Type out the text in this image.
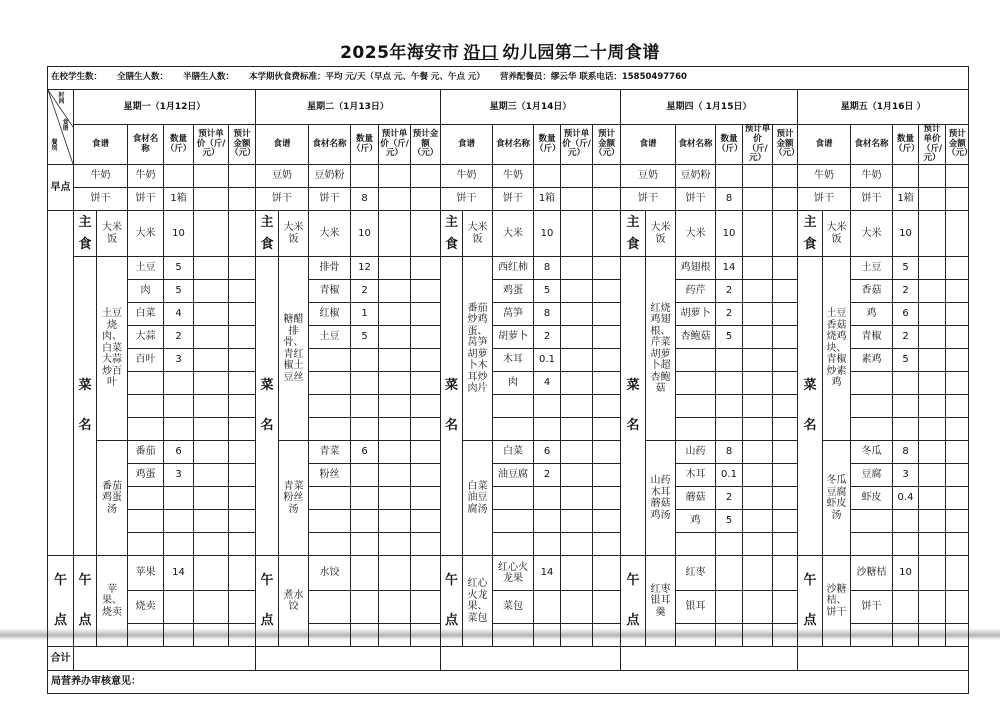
2025年海安市 沿口 幼儿园第二十周食谱
在校学生数： 全膳生人数： 半膳生人数： 本学期伙食费标准：平均 元/天（早点 元、午餐 元、午点 元） 营养配餐员：缪云华 联系电话：15850497760																														

时间
食谱
餐别	星期一（1月12日）						星期二（1月13日）						星期三（1月14日）						星期四（ 1月15日）						星期五（1月16日 ）					
	食谱		食材名称	数量（斤）	预计单价（斤/元）	预计金额（元）	食谱		食材名称	数量（斤）	预计单价（斤/元）	预计金额（元）	食谱		食材名称	数量（斤）	预计单价（斤/元）	预计金额（元）	食谱		食材名称	数量（斤）	预计单价（斤/元）	预计金额（元）	食谱		食材名称	数量（斤）	预计单价（斤/元）	预计金额（元）
早点	牛奶		牛奶				豆奶		豆奶粉				牛奶		牛奶				豆奶		豆奶粉				牛奶		牛奶			
	饼干		饼干	1箱			饼干		饼干	8			饼干		饼干	1箱			饼干		饼干	8			饼干		饼干	1箱		
	主食	大米饭	大米	10			主食	大米饭	大米	10			主食	大米饭	大米	10			主食	大米饭	大米	10			主食	大米饭	大米	10		
	菜名	土豆烧肉、白菜大蒜炒百叶	土豆	5			菜名	糖醋排骨、青红椒土豆丝	排骨	12			菜名	番茄炒鸡蛋、莴笋胡萝卜木耳炒肉片	西红柿	8			菜名	红烧鸡翅根、芹菜胡萝卜超杏鲍菇	鸡翅根	14			菜名	土豆香菇烧鸡块、青椒炒素鸡	土豆	5		
			肉	5					青椒	2					鸡蛋	5					药芹	2					香菇	2		
			白菜	4					红椒	1					莴笋	8					胡萝卜	2					鸡	6		
			大蒜	2					土豆	5					胡萝卜	2					杏鲍菇	5					青椒	2		
			百叶	3											木耳	0.1											素鸡	5		
															肉	4														

		番茄鸡蛋汤	番茄	6				青菜粉丝汤	青菜	6				白菜油豆腐汤	白菜	6				山药木耳蘑菇鸡汤	山药	8				冬瓜豆腐虾皮汤	冬瓜	8		
			鸡蛋	3					粉丝						油豆腐	2					木耳	0.1					豆腐	3		
																					蘑菇	2					虾皮	0.4		
																					鸡	5								

午点	午点	苹果、烧卖	苹果	14			午点	煮水饺	水饺				午点	红心火龙果、菜包	红心火龙果	14			午点	红枣银耳羹	红枣				午点	沙糖桔、饼干	沙糖桔	10		
			烧卖												菜包						银耳						饼干			

合计																														
局营养办审核意见：																														
